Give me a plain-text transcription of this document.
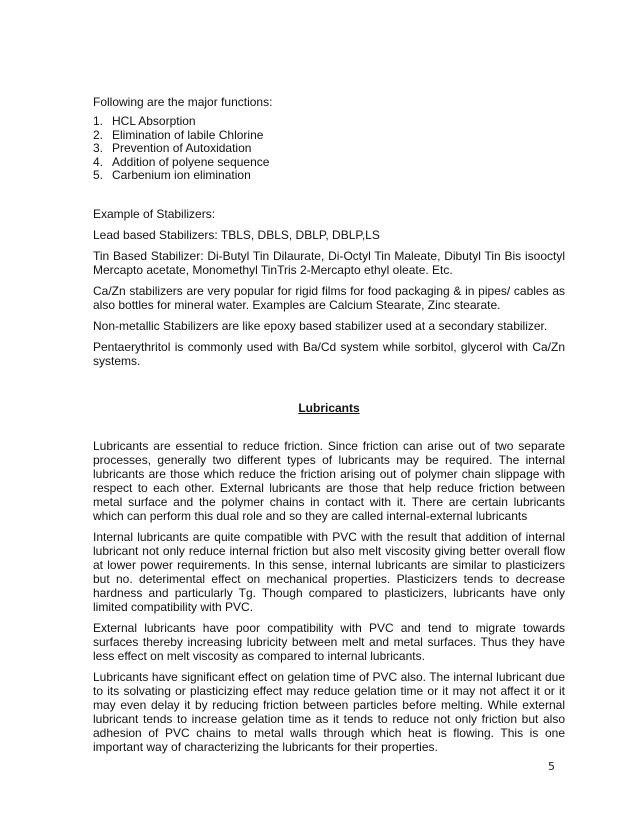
Following are the major functions:

1. HCL Absorption
2. Elimination of labile Chlorine
3. Prevention of Autoxidation
4. Addition of polyene sequence
5. Carbenium ion elimination

Example of Stabilizers:

Lead based Stabilizers: TBLS, DBLS, DBLP, DBLP,LS

Tin Based Stabilizer: Di-Butyl Tin Dilaurate, Di-Octyl Tin Maleate, Dibutyl Tin Bis isooctyl Mercapto acetate, Monomethyl TinTris 2-Mercapto ethyl oleate. Etc.

Ca/Zn stabilizers are very popular for rigid films for food packaging & in pipes/ cables as also bottles for mineral water. Examples are Calcium Stearate, Zinc stearate.

Non-metallic Stabilizers are like epoxy based stabilizer used at a secondary stabilizer.

Pentaerythritol is commonly used with Ba/Cd system while sorbitol, glycerol with Ca/Zn systems.

Lubricants

Lubricants are essential to reduce friction. Since friction can arise out of two separate processes, generally two different types of lubricants may be required. The internal lubricants are those which reduce the friction arising out of polymer chain slippage with respect to each other. External lubricants are those that help reduce friction between metal surface and the polymer chains in contact with it. There are certain lubricants which can perform this dual role and so they are called internal-external lubricants

Internal lubricants are quite compatible with PVC with the result that addition of internal lubricant not only reduce internal friction but also melt viscosity giving better overall flow at lower power requirements. In this sense, internal lubricants are similar to plasticizers but no. deterimental effect on mechanical properties. Plasticizers tends to decrease hardness and particularly Tg. Though compared to plasticizers, lubricants have only limited compatibility with PVC.

External lubricants have poor compatibility with PVC and tend to migrate towards surfaces thereby increasing lubricity between melt and metal surfaces. Thus they have less effect on melt viscosity as compared to internal lubricants.

Lubricants have significant effect on gelation time of PVC also. The internal lubricant due to its solvating or plasticizing effect may reduce gelation time or it may not affect it or it may even delay it by reducing friction between particles before melting. While external lubricant tends to increase gelation time as it tends to reduce not only friction but also adhesion of PVC chains to metal walls through which heat is flowing. This is one important way of characterizing the lubricants for their properties.

5
